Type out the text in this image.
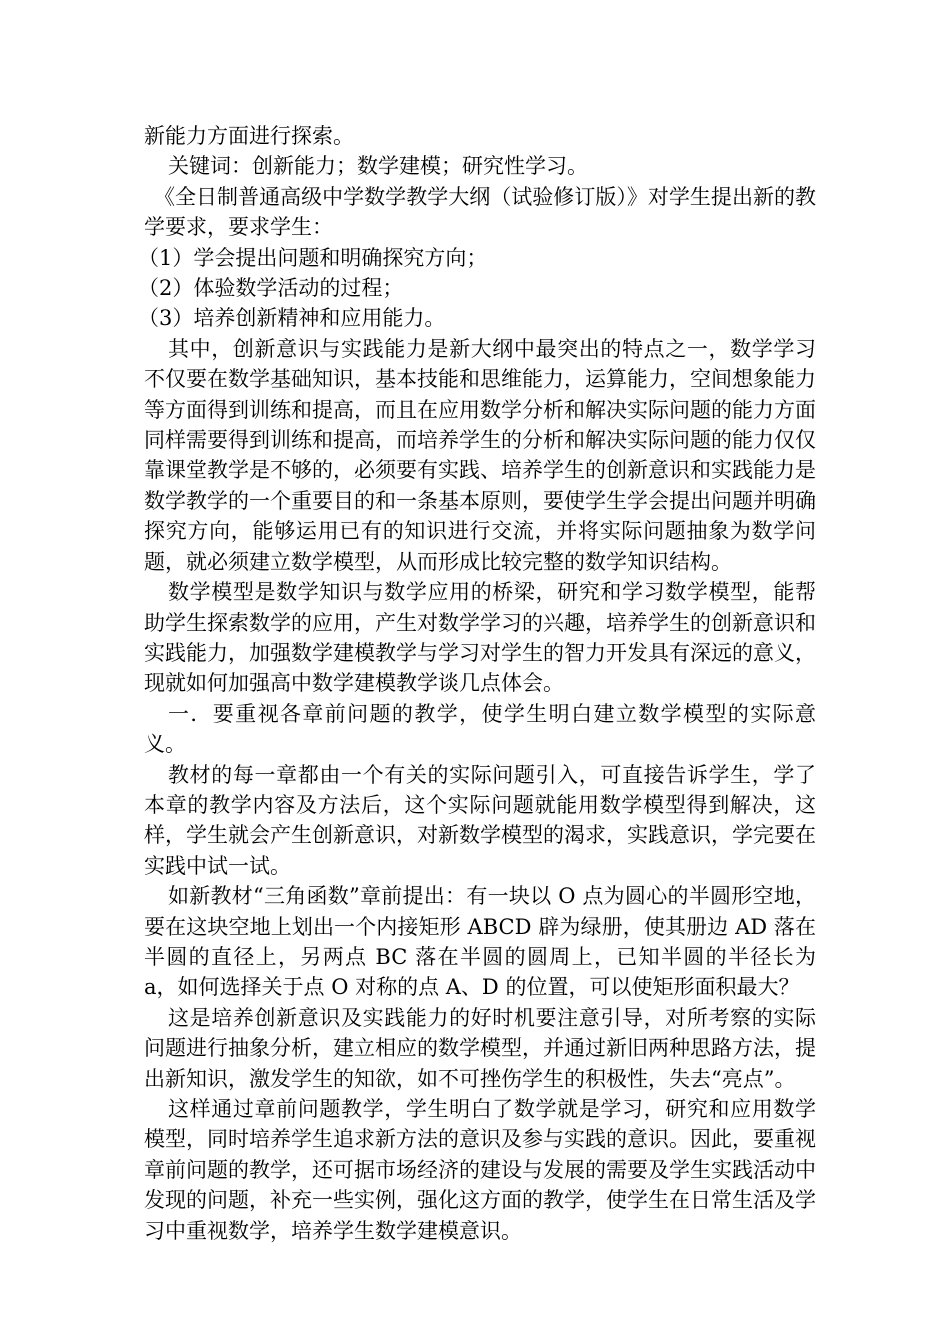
新能力方面进行探索。

关键词：创新能力；数学建模；研究性学习。

《全日制普通高级中学数学教学大纲（试验修订版）》对学生提出新的教学要求，要求学生：

（1）学会提出问题和明确探究方向；

（2）体验数学活动的过程；

（3）培养创新精神和应用能力。

其中，创新意识与实践能力是新大纲中最突出的特点之一，数学学习不仅要在数学基础知识，基本技能和思维能力，运算能力，空间想象能力等方面得到训练和提高，而且在应用数学分析和解决实际问题的能力方面同样需要得到训练和提高，而培养学生的分析和解决实际问题的能力仅仅靠课堂教学是不够的，必须要有实践、培养学生的创新意识和实践能力是数学教学的一个重要目的和一条基本原则，要使学生学会提出问题并明确探究方向，能够运用已有的知识进行交流，并将实际问题抽象为数学问题，就必须建立数学模型，从而形成比较完整的数学知识结构。

数学模型是数学知识与数学应用的桥梁，研究和学习数学模型，能帮助学生探索数学的应用，产生对数学学习的兴趣，培养学生的创新意识和实践能力，加强数学建模教学与学习对学生的智力开发具有深远的意义，现就如何加强高中数学建模教学谈几点体会。

一．要重视各章前问题的教学，使学生明白建立数学模型的实际意义。

教材的每一章都由一个有关的实际问题引入，可直接告诉学生，学了本章的教学内容及方法后，这个实际问题就能用数学模型得到解决，这样，学生就会产生创新意识，对新数学模型的渴求，实践意识，学完要在实践中试一试。

如新教材“三角函数”章前提出：有一块以 O 点为圆心的半圆形空地，要在这块空地上划出一个内接矩形 ABCD 辟为绿册，使其册边 AD 落在半圆的直径上，另两点 BC 落在半圆的圆周上，已知半圆的半径长为 a，如何选择关于点 O 对称的点 A、D 的位置，可以使矩形面积最大？

这是培养创新意识及实践能力的好时机要注意引导，对所考察的实际问题进行抽象分析，建立相应的数学模型，并通过新旧两种思路方法，提出新知识，激发学生的知欲，如不可挫伤学生的积极性，失去“亮点”。

这样通过章前问题教学，学生明白了数学就是学习，研究和应用数学模型，同时培养学生追求新方法的意识及参与实践的意识。因此，要重视章前问题的教学，还可据市场经济的建设与发展的需要及学生实践活动中发现的问题，补充一些实例，强化这方面的教学，使学生在日常生活及学习中重视数学，培养学生数学建模意识。
